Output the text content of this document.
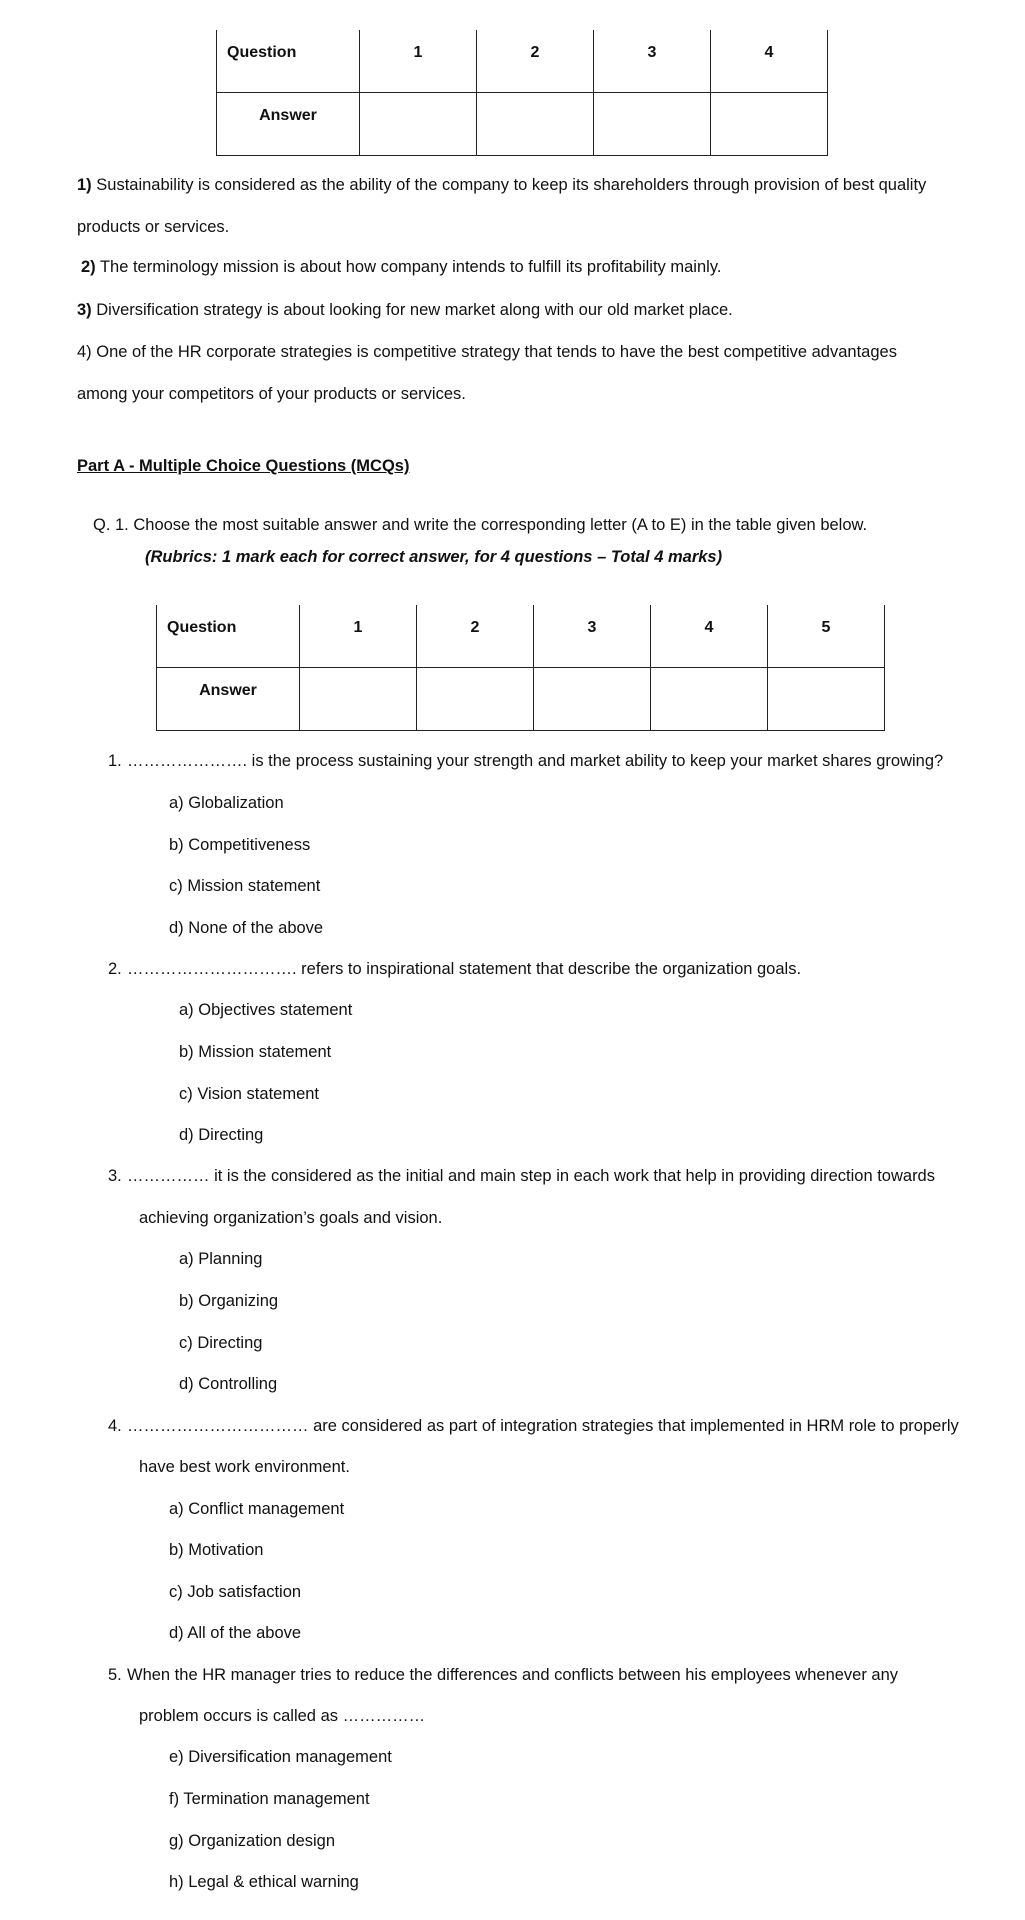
Question	1	2	3	4
Answer				
1) Sustainability is considered as the ability of the company to keep its shareholders through provision of best quality
products or services.
2) The terminology mission is about how company intends to fulfill its profitability mainly.
3) Diversification strategy is about looking for new market along with our old market place.
4) One of the HR corporate strategies is competitive strategy that tends to have the best competitive advantages
among your competitors of your products or services.
Part A - Multiple Choice Questions (MCQs)
Q. 1. Choose the most suitable answer and write the corresponding letter (A to E) in the table given below.
(Rubrics: 1 mark each for correct answer, for 4 questions – Total 4 marks)
Question	1	2	3	4	5
Answer					
1. …………………. is the process sustaining your strength and market ability to keep your market shares growing?
a) Globalization
b) Competitiveness
c) Mission statement
d) None of the above
2. …………………………. refers to inspirational statement that describe the organization goals.
a) Objectives statement
b) Mission statement
c) Vision statement
d) Directing
3. …………… it is the considered as the initial and main step in each work that help in providing direction towards
achieving organization’s goals and vision.
a) Planning
b) Organizing
c) Directing
d) Controlling
4. …………………………… are considered as part of integration strategies that implemented in HRM role to properly
have best work environment.
a) Conflict management
b) Motivation
c) Job satisfaction
d) All of the above
5. When the HR manager tries to reduce the differences and conflicts between his employees whenever any
problem occurs is called as ……………
e) Diversification management
f) Termination management
g) Organization design
h) Legal & ethical warning
